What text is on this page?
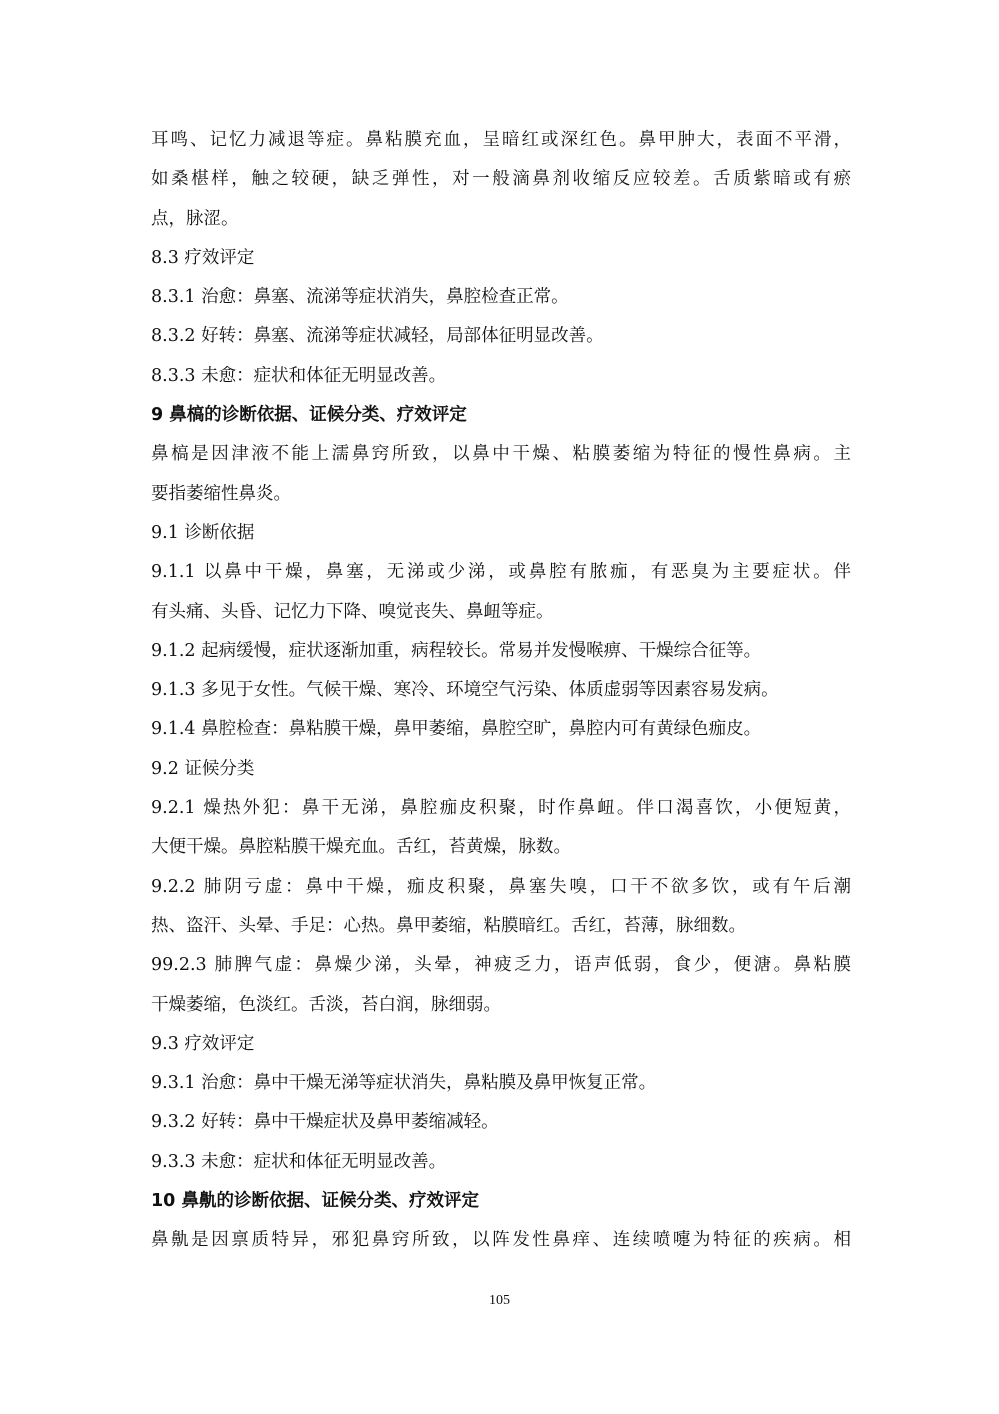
耳鸣、记忆力减退等症。鼻粘膜充血，呈暗红或深红色。鼻甲肿大，表面不平滑，
如桑椹样，触之较硬，缺乏弹性，对一般滴鼻剂收缩反应较差。舌质紫暗或有瘀
点，脉涩。
8.3 疗效评定
8.3.1 治愈：鼻塞、流涕等症状消失，鼻腔检查正常。
8.3.2 好转：鼻塞、流涕等症状减轻，局部体征明显改善。
8.3.3 未愈：症状和体征无明显改善。
9 鼻槁的诊断依据、证候分类、疗效评定
鼻槁是因津液不能上濡鼻窍所致，以鼻中干燥、粘膜萎缩为特征的慢性鼻病。主
要指萎缩性鼻炎。
9.1 诊断依据
9.1.1 以鼻中干燥，鼻塞，无涕或少涕，或鼻腔有脓痂，有恶臭为主要症状。伴
有头痛、头昏、记忆力下降、嗅觉丧失、鼻衄等症。
9.1.2 起病缓慢，症状逐渐加重，病程较长。常易并发慢喉痹、干燥综合征等。
9.1.3 多见于女性。气候干燥、寒冷、环境空气污染、体质虚弱等因素容易发病。
9.1.4 鼻腔检查：鼻粘膜干燥，鼻甲萎缩，鼻腔空旷，鼻腔内可有黄绿色痂皮。
9.2 证候分类
9.2.1 燥热外犯：鼻干无涕，鼻腔痂皮积聚，时作鼻衄。伴口渴喜饮，小便短黄，
大便干燥。鼻腔粘膜干燥充血。舌红，苔黄燥，脉数。
9.2.2 肺阴亏虚：鼻中干燥，痂皮积聚，鼻塞失嗅，口干不欲多饮，或有午后潮
热、盗汗、头晕、手足：心热。鼻甲萎缩，粘膜暗红。舌红，苔薄，脉细数。
99.2.3 肺脾气虚：鼻燥少涕，头晕，神疲乏力，语声低弱，食少，便溏。鼻粘膜
干燥萎缩，色淡红。舌淡，苔白润，脉细弱。
9.3 疗效评定
9.3.1 治愈：鼻中干燥无涕等症状消失，鼻粘膜及鼻甲恢复正常。
9.3.2 好转：鼻中干燥症状及鼻甲萎缩减轻。
9.3.3 未愈：症状和体征无明显改善。
10 鼻鼽的诊断依据、证候分类、疗效评定
鼻鼽是因禀质特异，邪犯鼻窍所致，以阵发性鼻痒、连续喷嚏为特征的疾病。相
105
